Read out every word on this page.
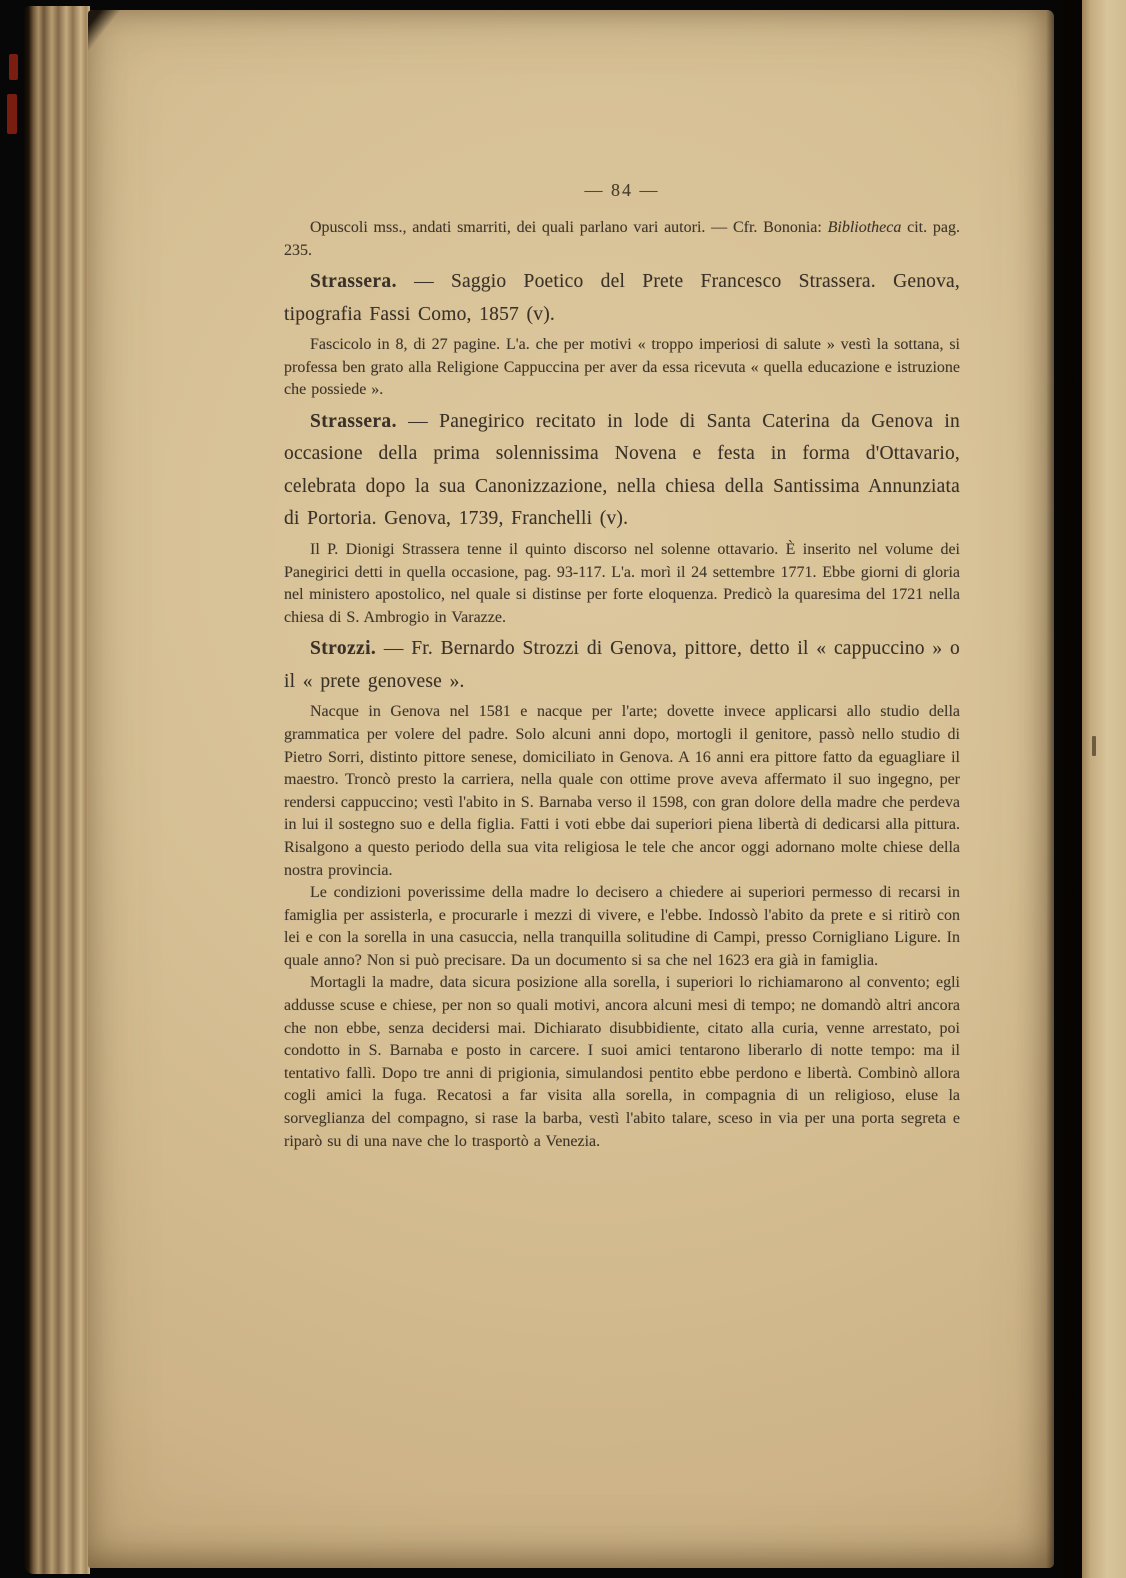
— 84 —

Opuscoli mss., andati smarriti, dei quali parlano vari autori. — Cfr. Bononia: Bibliotheca cit. pag. 235.

Strassera. — Saggio Poetico del Prete Francesco Strassera. Genova, tipografia Fassi Como, 1857 (v).

Fascicolo in 8, di 27 pagine. L'a. che per motivi « troppo imperiosi di salute » vestì la sottana, si professa ben grato alla Religione Cappuccina per aver da essa ricevuta « quella educazione e istruzione che possiede ».

Strassera. — Panegirico recitato in lode di Santa Caterina da Genova in occasione della prima solennissima Novena e festa in forma d'Ottavario, celebrata dopo la sua Canonizzazione, nella chiesa della Santissima Annunziata di Portoria. Genova, 1739, Franchelli (v).

Il P. Dionigi Strassera tenne il quinto discorso nel solenne ottavario. È inserito nel volume dei Panegirici detti in quella occasione, pag. 93-117. L'a. morì il 24 settembre 1771. Ebbe giorni di gloria nel ministero apostolico, nel quale si distinse per forte eloquenza. Predicò la quaresima del 1721 nella chiesa di S. Ambrogio in Varazze.

Strozzi. — Fr. Bernardo Strozzi di Genova, pittore, detto il « cappuccino » o il « prete genovese ».

Nacque in Genova nel 1581 e nacque per l'arte; dovette invece applicarsi allo studio della grammatica per volere del padre. Solo alcuni anni dopo, mortogli il genitore, passò nello studio di Pietro Sorri, distinto pittore senese, domiciliato in Genova. A 16 anni era pittore fatto da eguagliare il maestro. Troncò presto la carriera, nella quale con ottime prove aveva affermato il suo ingegno, per rendersi cappuccino; vestì l'abito in S. Barnaba verso il 1598, con gran dolore della madre che perdeva in lui il sostegno suo e della figlia. Fatti i voti ebbe dai superiori piena libertà di dedicarsi alla pittura. Risalgono a questo periodo della sua vita religiosa le tele che ancor oggi adornano molte chiese della nostra provincia.

Le condizioni poverissime della madre lo decisero a chiedere ai superiori permesso di recarsi in famiglia per assisterla, e procurarle i mezzi di vivere, e l'ebbe. Indossò l'abito da prete e si ritirò con lei e con la sorella in una casuccia, nella tranquilla solitudine di Campi, presso Cornigliano Ligure. In quale anno? Non si può precisare. Da un documento si sa che nel 1623 era già in famiglia.

Mortagli la madre, data sicura posizione alla sorella, i superiori lo richiamarono al convento; egli addusse scuse e chiese, per non so quali motivi, ancora alcuni mesi di tempo; ne domandò altri ancora che non ebbe, senza decidersi mai. Dichiarato disubbidiente, citato alla curia, venne arrestato, poi condotto in S. Barnaba e posto in carcere. I suoi amici tentarono liberarlo di notte tempo: ma il tentativo fallì. Dopo tre anni di prigionia, simulandosi pentito ebbe perdono e libertà. Combinò allora cogli amici la fuga. Recatosi a far visita alla sorella, in compagnia di un religioso, eluse la sorveglianza del compagno, si rase la barba, vestì l'abito talare, sceso in via per una porta segreta e riparò su di una nave che lo trasportò a Venezia.
